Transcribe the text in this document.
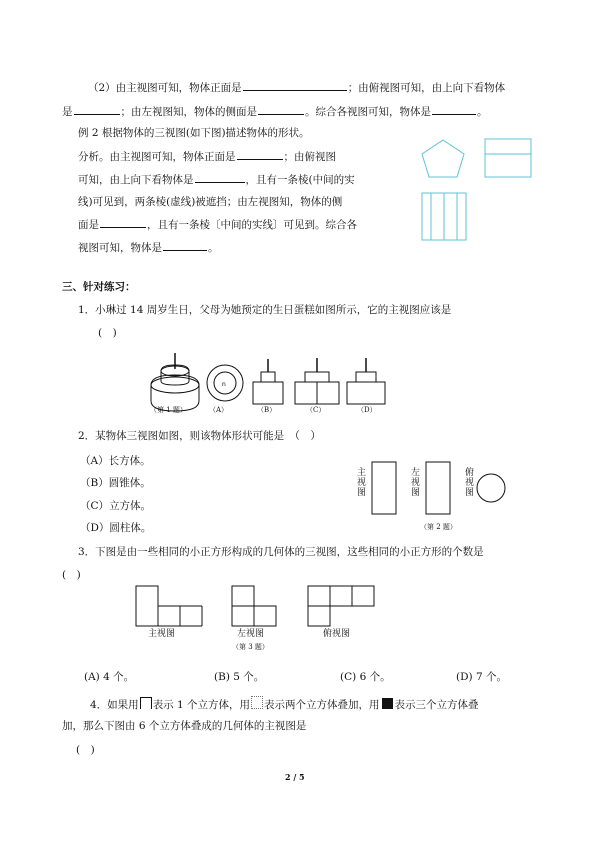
（2）由主视图可知，物体正面是	；由俯视图可知，由上向下看物体
是	；由左视图知，物体的侧面是	。综合各视图可知，物体是	。
例 2 根据物体的三视图(如下图)描述物体的形状。
分析。由主视图可知，物体正面是	；由俯视图
可知，由上向下看物体是	，且有一条棱(中间的实
线)可见到，两条棱(虚线)被遮挡；由左视图知，物体的侧
面是	，且有一条棱〔中间的实线〕可见到。综合各
视图可知，物体是	。
三、针对练习：
1．小琳过 14 周岁生日，父母为她预定的生日蛋糕如图所示，它的主视图应该是
(　)
n
（第 1 题）	（A）	（B）	（C）	（D）
2．某物体三视图如图，则该物体形状可能是　（　）
（A）长方体。
（B）圆锥体。
（C）立方体。
（D）圆柱体。
主视图
左视图
俯视图
（第 2 题）
3．下图是由一些相同的小正方形构成的几何体的三视图，这些相同的小正方形的个数是
(　)
主视图	左视图	俯视图
（第 3 题）
(A) 4 个。	(B) 5 个。	(C) 6 个。	(D) 7 个。
4．如果用 表示 1 个立方体，用 表示两个立方体叠加，用 表示三个立方体叠
加，那么下图由 6 个立方体叠成的几何体的主视图是
(　)
2 / 5
